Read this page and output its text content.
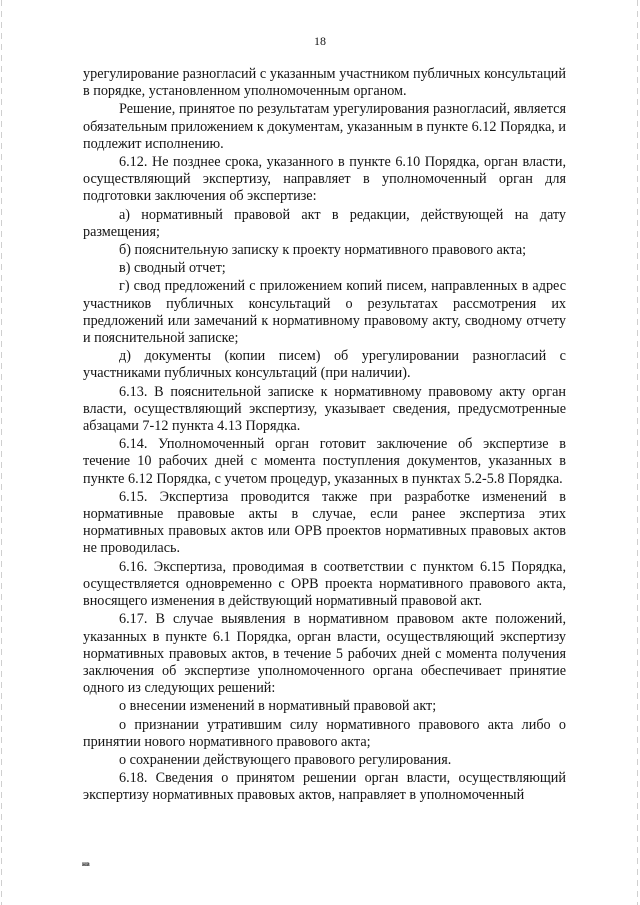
18

урегулирование разногласий с указанным участником публичных консультаций в порядке, установленном уполномоченным органом.

Решение, принятое по результатам урегулирования разногласий, является обязательным приложением к документам, указанным в пункте 6.12 Порядка, и подлежит исполнению.

6.12. Не позднее срока, указанного в пункте 6.10 Порядка, орган власти, осуществляющий экспертизу, направляет в уполномоченный орган для подготовки заключения об экспертизе:

а) нормативный правовой акт в редакции, действующей на дату размещения;

б) пояснительную записку к проекту нормативного правового акта;

в) сводный отчет;

г) свод предложений с приложением копий писем, направленных в адрес участников публичных консультаций о результатах рассмотрения их предложений или замечаний к нормативному правовому акту, сводному отчету и пояснительной записке;

д) документы (копии писем) об урегулировании разногласий с участниками публичных консультаций (при наличии).

6.13. В пояснительной записке к нормативному правовому акту орган власти, осуществляющий экспертизу, указывает сведения, предусмотренные абзацами 7-12 пункта 4.13 Порядка.

6.14. Уполномоченный орган готовит заключение об экспертизе в течение 10 рабочих дней с момента поступления документов, указанных в пункте 6.12 Порядка, с учетом процедур, указанных в пунктах 5.2-5.8 Порядка.

6.15. Экспертиза проводится также при разработке изменений в нормативные правовые акты в случае, если ранее экспертиза этих нормативных правовых актов или ОРВ проектов нормативных правовых актов не проводилась.

6.16. Экспертиза, проводимая в соответствии с пунктом 6.15 Порядка, осуществляется одновременно с ОРВ проекта нормативного правового акта, вносящего изменения в действующий нормативный правовой акт.

6.17. В случае выявления в нормативном правовом акте положений, указанных в пункте 6.1 Порядка, орган власти, осуществляющий экспертизу нормативных правовых актов, в течение 5 рабочих дней с момента получения заключения об экспертизе уполномоченного органа обеспечивает принятие одного из следующих решений:

о внесении изменений в нормативный правовой акт;

о признании утратившим силу нормативного правового акта либо о принятии нового нормативного правового акта;

о сохранении действующего правового регулирования.

6.18. Сведения о принятом решении орган власти, осуществляющий экспертизу нормативных правовых актов, направляет в уполномоченный

нв
